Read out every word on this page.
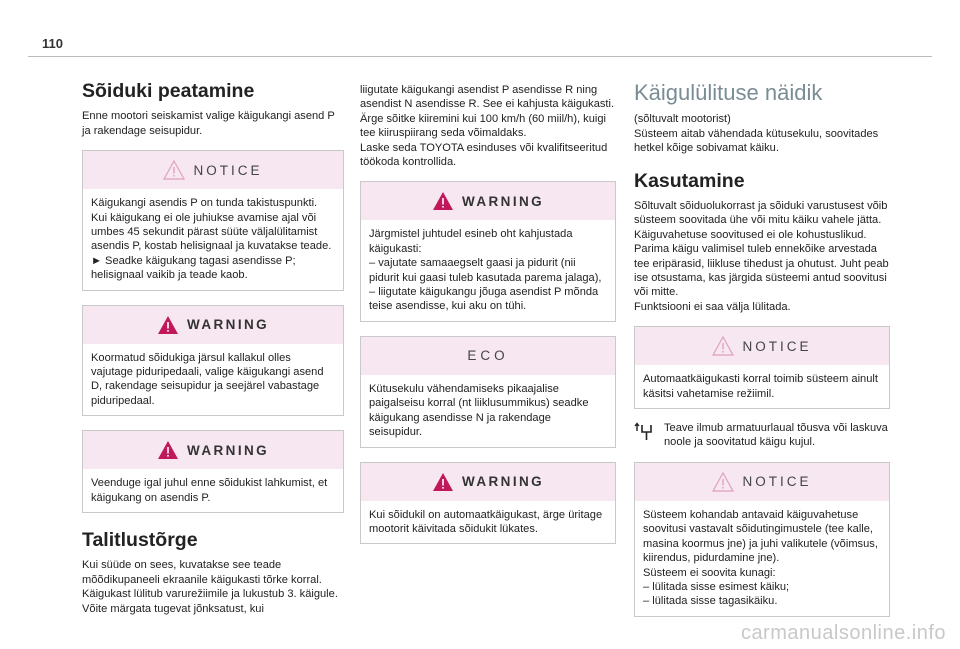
110
Sõiduki peatamine

Enne mootori seiskamist valige käigukangi asend P ja rakendage seisupidur.

NOTICE

Käigukangi asendis P on tunda takistuspunkti. Kui käigukang ei ole juhiukse avamise ajal või umbes 45 sekundit pärast süüte väljalülitamist asendis P, kostab helisignaal ja kuvatakse teade.

► Seadke käigukang tagasi asendisse P; helisignaal vaikib ja teade kaob.

WARNING

Koormatud sõidukiga järsul kallakul olles vajutage piduripedaali, valige käigukangi asend D, rakendage seisupidur ja seejärel vabastage piduripedaal.

WARNING

Veenduge igal juhul enne sõidukist lahkumist, et käigukang on asendis P.

Talitlustõrge

Kui süüde on sees, kuvatakse see teade mõõdikupaneeli ekraanile käigukasti tõrke korral. Käigukast lülitub varurežiimile ja lukustub 3. käigule. Võite märgata tugevat jõnksatust, kui

liigutate käigukangi asendist P asendisse R ning asendist N asendisse R. See ei kahjusta käigukasti.

Ärge sõitke kiiremini kui 100 km/h (60 miil/h), kuigi tee kiiruspiirang seda võimaldaks.

Laske seda TOYOTA esinduses või kvalifitseeritud töökoda kontrollida.

WARNING

Järgmistel juhtudel esineb oht kahjustada käigukasti:

– vajutate samaaegselt gaasi ja pidurit (nii pidurit kui gaasi tuleb kasutada parema jalaga),

– liigutate käigukangu jõuga asendist P mõnda teise asendisse, kui aku on tühi.

ECO

Kütusekulu vähendamiseks pikaajalise paigalseisu korral (nt liiklusummikus) seadke käigukang asendisse N ja rakendage seisupidur.

WARNING

Kui sõidukil on automaatkäigukast, ärge üritage mootorit käivitada sõidukit lükates.

Käigulülituse näidik

(sõltuvalt mootorist)

Süsteem aitab vähendada kütusekulu, soovitades hetkel kõige sobivamat käiku.

Kasutamine

Sõltuvalt sõiduolukorrast ja sõiduki varustusest võib süsteem soovitada ühe või mitu käiku vahele jätta.

Käiguvahetuse soovitused ei ole kohustuslikud. Parima käigu valimisel tuleb ennekõike arvestada tee eripärasid, liikluse tihedust ja ohutust. Juht peab ise otsustama, kas järgida süsteemi antud soovitusi või mitte.

Funktsiooni ei saa välja lülitada.

NOTICE

Automaatkäigukasti korral toimib süsteem ainult käsitsi vahetamise režiimil.

Teave ilmub armatuurlaual tõusva või laskuva noole ja soovitatud käigu kujul.

NOTICE

Süsteem kohandab antavaid käiguvahetuse soovitusi vastavalt sõidutingimustele (tee kalle, masina koormus jne) ja juhi valikutele (võimsus, kiirendus, pidurdamine jne).

Süsteem ei soovita kunagi:

– lülitada sisse esimest käiku;

– lülitada sisse tagasikäiku.

carmanualsonline.info
